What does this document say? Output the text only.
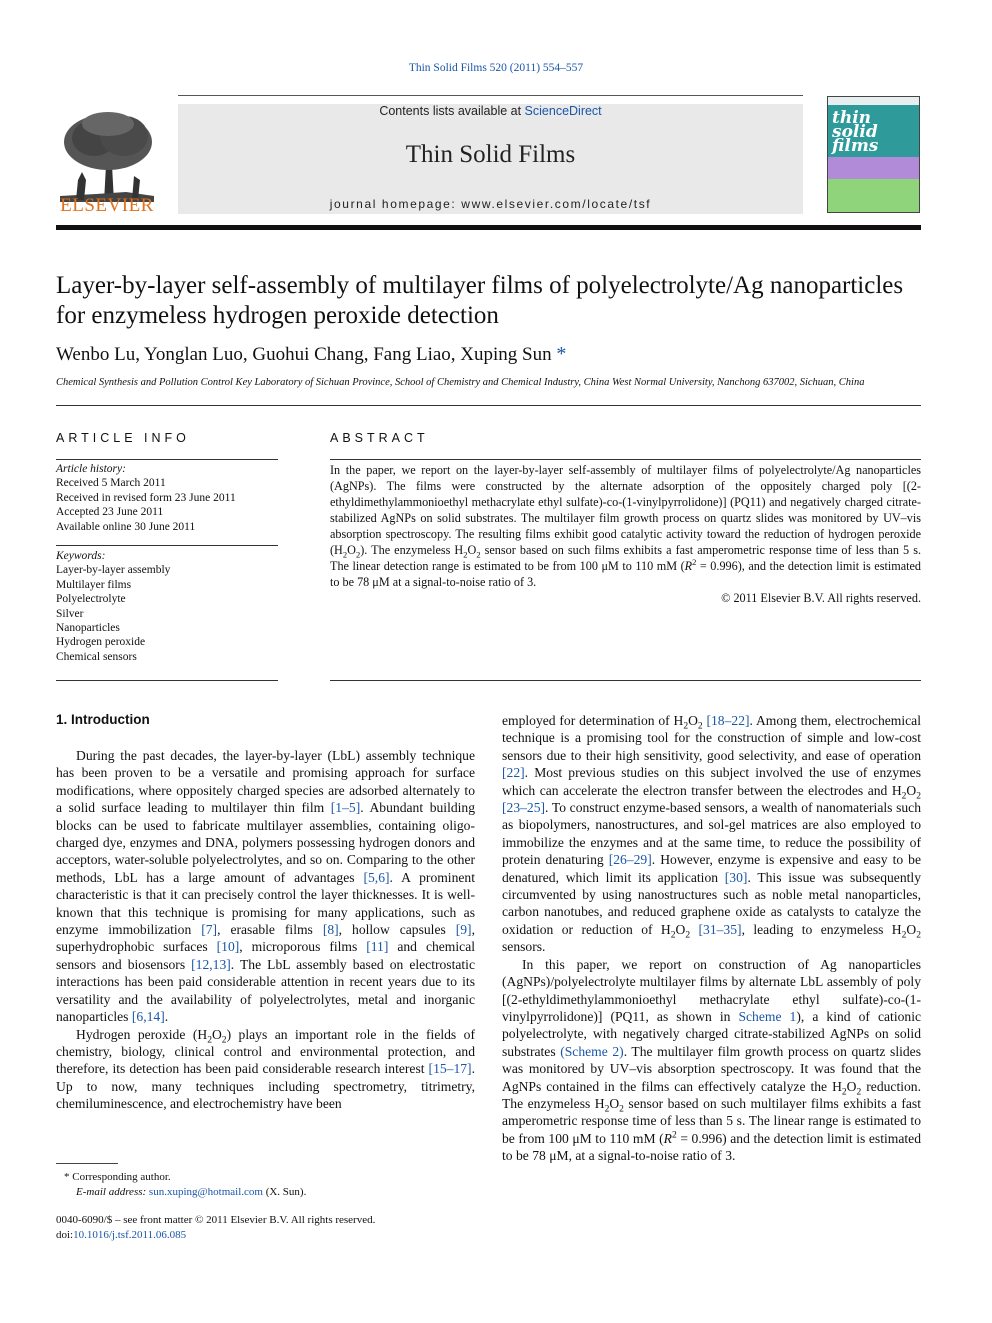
Thin Solid Films 520 (2011) 554–557
ELSEVIER
Contents lists available at ScienceDirect
Thin Solid Films
journal homepage: www.elsevier.com/locate/tsf
thin solid films
Layer-by-layer self-assembly of multilayer films of polyelectrolyte/Ag nanoparticles for enzymeless hydrogen peroxide detection
Wenbo Lu, Yonglan Luo, Guohui Chang, Fang Liao, Xuping Sun *
Chemical Synthesis and Pollution Control Key Laboratory of Sichuan Province, School of Chemistry and Chemical Industry, China West Normal University, Nanchong 637002, Sichuan, China
ARTICLE INFO
Article history:
Received 5 March 2011
Received in revised form 23 June 2011
Accepted 23 June 2011
Available online 30 June 2011
Keywords:
Layer-by-layer assembly
Multilayer films
Polyelectrolyte
Silver
Nanoparticles
Hydrogen peroxide
Chemical sensors
ABSTRACT
In the paper, we report on the layer-by-layer self-assembly of multilayer films of polyelectrolyte/Ag nanoparticles (AgNPs). The films were constructed by the alternate adsorption of the oppositely charged poly [(2-ethyldimethylammonioethyl methacrylate ethyl sulfate)-co-(1-vinylpyrrolidone)] (PQ11) and negatively charged citrate-stabilized AgNPs on solid substrates. The multilayer film growth process on quartz slides was monitored by UV–vis absorption spectroscopy. The resulting films exhibit good catalytic activity toward the reduction of hydrogen peroxide $(H_2O_2)$. The enzymeless $H_2O_2$ sensor based on such films exhibits a fast amperometric response time of less than 5 s. The linear detection range is estimated to be from 100 μM to 110 mM $(R^2 = 0.996)$, and the detection limit is estimated to be 78 μM at a signal-to-noise ratio of 3.
© 2011 Elsevier B.V. All rights reserved.
1. Introduction

During the past decades, the layer-by-layer (LbL) assembly technique has been proven to be a versatile and promising approach for surface modifications, where oppositely charged species are adsorbed alternately to a solid surface leading to multilayer thin film [1–5]. Abundant building blocks can be used to fabricate multilayer assemblies, containing oligo-charged dye, enzymes and DNA, polymers possessing hydrogen donors and acceptors, water-soluble polyelectrolytes, and so on. Comparing to the other methods, LbL has a large amount of advantages [5,6]. A prominent characteristic is that it can precisely control the layer thicknesses. It is well-known that this technique is promising for many applications, such as enzyme immobilization [7], erasable films [8], hollow capsules [9], superhydrophobic surfaces [10], microporous films [11] and chemical sensors and biosensors [12,13]. The LbL assembly based on electrostatic interactions has been paid considerable attention in recent years due to its versatility and the availability of polyelectrolytes, metal and inorganic nanoparticles [6,14].

Hydrogen peroxide $(H_2O_2)$ plays an important role in the fields of chemistry, biology, clinical control and environmental protection, and therefore, its detection has been paid considerable research interest [15–17]. Up to now, many techniques including spectrometry, titrimetry, chemiluminescence, and electrochemistry have been

employed for determination of $H_2O_2$ [18–22]. Among them, electrochemical technique is a promising tool for the construction of simple and low-cost sensors due to their high sensitivity, good selectivity, and ease of operation [22]. Most previous studies on this subject involved the use of enzymes which can accelerate the electron transfer between the electrodes and $H_2O_2$ [23–25]. To construct enzyme-based sensors, a wealth of nanomaterials such as biopolymers, nanostructures, and sol-gel matrices are also employed to immobilize the enzymes and at the same time, to reduce the possibility of protein denaturing [26–29]. However, enzyme is expensive and easy to be denatured, which limit its application [30]. This issue was subsequently circumvented by using nanostructures such as noble metal nanoparticles, carbon nanotubes, and reduced graphene oxide as catalysts to catalyze the oxidation or reduction of $H_2O_2$ [31–35], leading to enzymeless $H_2O_2$ sensors.

In this paper, we report on construction of Ag nanoparticles (AgNPs)/polyelectrolyte multilayer films by alternate LbL assembly of poly [(2-ethyldimethylammonioethyl methacrylate ethyl sulfate)-co-(1-vinylpyrrolidone)] (PQ11, as shown in Scheme 1), a kind of cationic polyelectrolyte, with negatively charged citrate-stabilized AgNPs on solid substrates (Scheme 2). The multilayer film growth process on quartz slides was monitored by UV–vis absorption spectroscopy. It was found that the AgNPs contained in the films can effectively catalyze the $H_2O_2$ reduction. The enzymeless $H_2O_2$ sensor based on such multilayer films exhibits a fast amperometric response time of less than 5 s. The linear range is estimated to be from 100 μM to 110 mM $(R^2 = 0.996)$ and the detection limit is estimated to be 78 μM, at a signal-to-noise ratio of 3.

* Corresponding author.
E-mail address: sun.xuping@hotmail.com (X. Sun).
0040-6090/$ – see front matter © 2011 Elsevier B.V. All rights reserved.
doi:10.1016/j.tsf.2011.06.085
